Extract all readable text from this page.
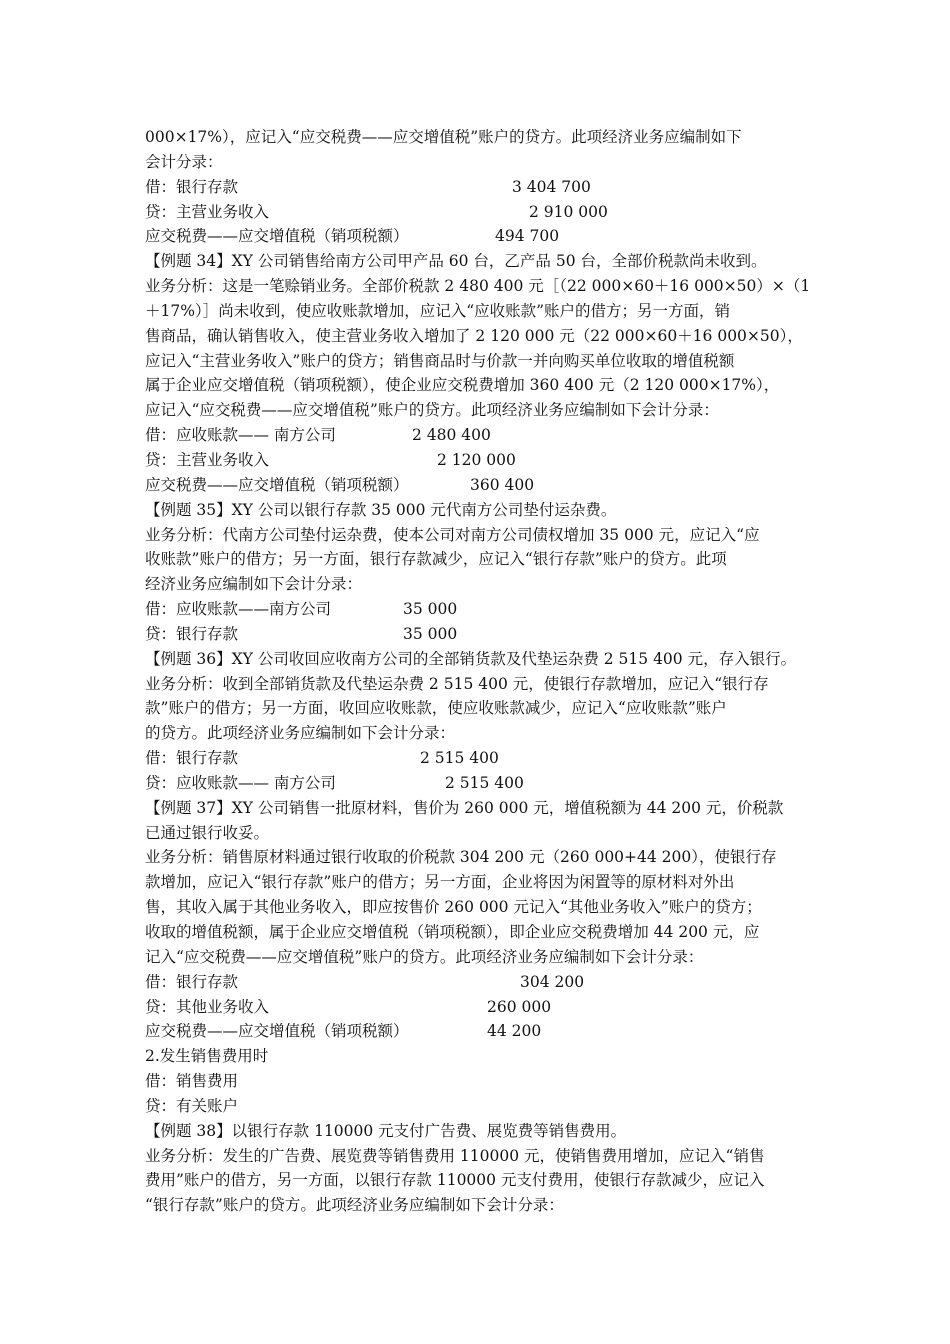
000×17%），应记入“应交税费——应交增值税”账户的贷方。此项经济业务应编制如下
会计分录：
借：银行存款	3 404 700
贷：主营业务收入	2 910 000
应交税费——应交增值税（销项税额）	494 700
【例题 34】XY 公司销售给南方公司甲产品 60 台，乙产品 50 台，全部价税款尚未收到。
业务分析：这是一笔赊销业务。全部价税款 2 480 400 元［（22 000×60＋16 000×50）×（1
＋17%）］尚未收到，使应收账款增加，应记入“应收账款”账户的借方；另一方面，销
售商品，确认销售收入，使主营业务收入增加了 2 120 000 元（22 000×60＋16 000×50），
应记入“主营业务收入”账户的贷方；销售商品时与价款一并向购买单位收取的增值税额
属于企业应交增值税（销项税额），使企业应交税费增加 360 400 元（2 120 000×17%），
应记入“应交税费——应交增值税”账户的贷方。此项经济业务应编制如下会计分录：
借：应收账款—— 南方公司	2 480 400
贷：主营业务收入	2 120 000
应交税费——应交增值税（销项税额）	360 400
【例题 35】XY 公司以银行存款 35 000 元代南方公司垫付运杂费。
业务分析：代南方公司垫付运杂费，使本公司对南方公司债权增加 35 000 元，应记入“应
收账款”账户的借方；另一方面，银行存款减少，应记入“银行存款”账户的贷方。此项
经济业务应编制如下会计分录：
借：应收账款——南方公司	35 000
贷：银行存款	35 000
【例题 36】XY 公司收回应收南方公司的全部销货款及代垫运杂费 2 515 400 元，存入银行。
业务分析：收到全部销货款及代垫运杂费 2 515 400 元，使银行存款增加，应记入“银行存
款”账户的借方；另一方面，收回应收账款，使应收账款减少，应记入“应收账款”账户
的贷方。此项经济业务应编制如下会计分录：
借：银行存款	2 515 400
贷：应收账款—— 南方公司	2 515 400
【例题 37】XY 公司销售一批原材料，售价为 260 000 元，增值税额为 44 200 元，价税款
已通过银行收妥。
业务分析：销售原材料通过银行收取的价税款 304 200 元（260 000+44 200），使银行存
款增加，应记入“银行存款”账户的借方；另一方面，企业将因为闲置等的原材料对外出
售，其收入属于其他业务收入，即应按售价 260 000 元记入“其他业务收入”账户的贷方；
收取的增值税额，属于企业应交增值税（销项税额），即企业应交税费增加 44 200 元，应
记入“应交税费——应交增值税”账户的贷方。此项经济业务应编制如下会计分录：
借：银行存款	304 200
贷：其他业务收入	260 000
应交税费——应交增值税（销项税额）	44 200
2.发生销售费用时
借：销售费用
贷：有关账户
【例题 38】以银行存款 110000 元支付广告费、展览费等销售费用。
业务分析：发生的广告费、展览费等销售费用 110000 元，使销售费用增加，应记入“销售
费用”账户的借方，另一方面，以银行存款 110000 元支付费用，使银行存款减少，应记入
“银行存款”账户的贷方。此项经济业务应编制如下会计分录：
